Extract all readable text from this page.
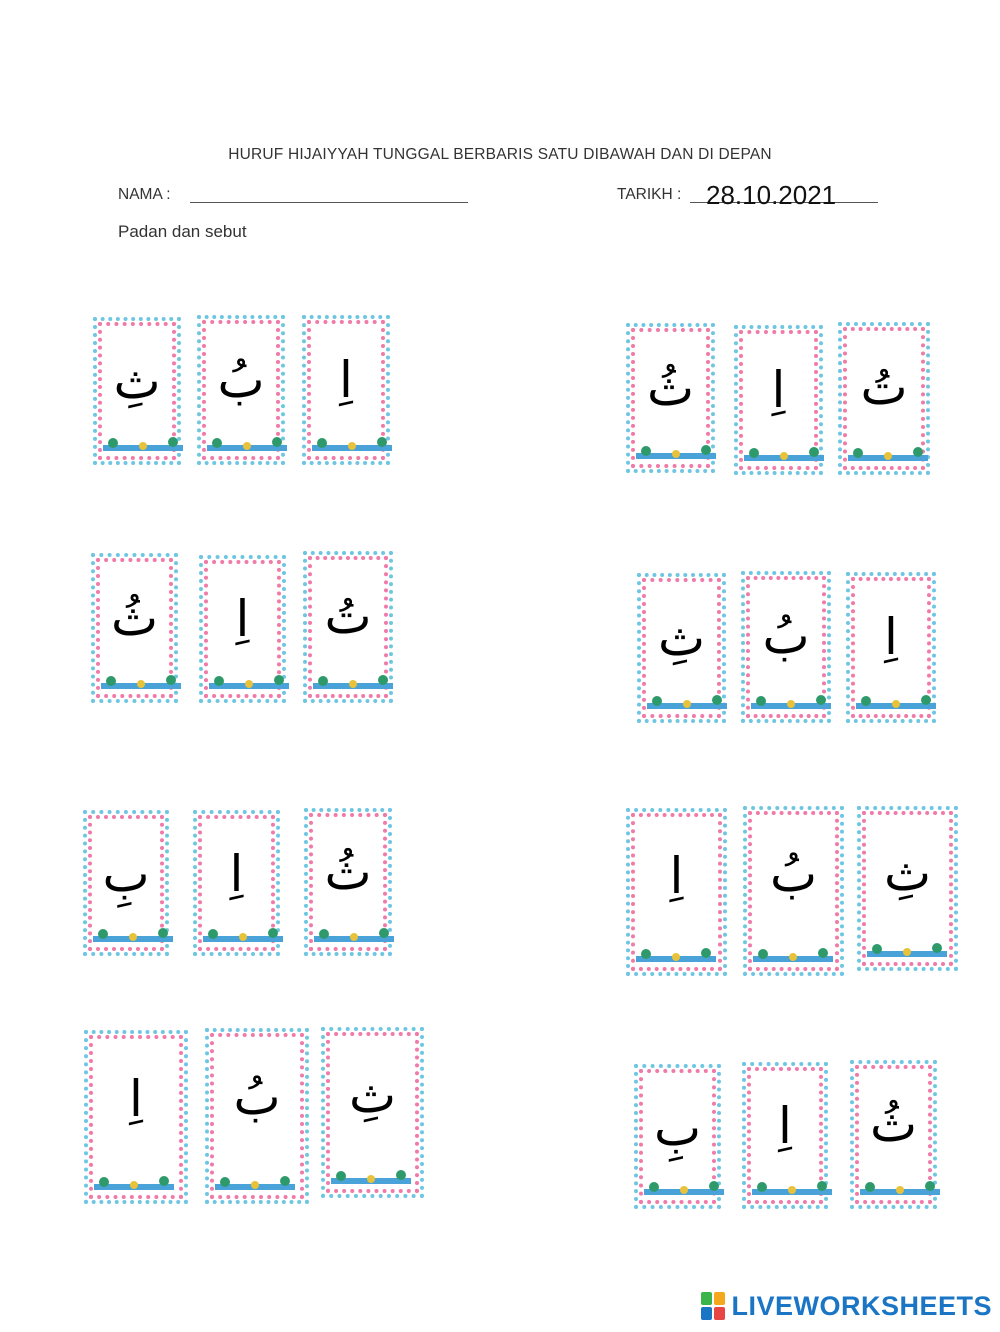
HURUF HIJAIYYAH TUNGGAL BERBARIS SATU DIBAWAH DAN DI DEPAN
NAMA :	TARIKH : 28.10.2021
Padan dan sebut
ثِ	بُ	اِ	ثُ	اِ	تُ
ثُ	اِ	تُ	ثِ	بُ	اِ
بِ	اِ	ثُ	اِ	بُ	ثِ
اِ	بُ	ثِ
بِ	اِ	ثُ
LIVEWORKSHEETS
